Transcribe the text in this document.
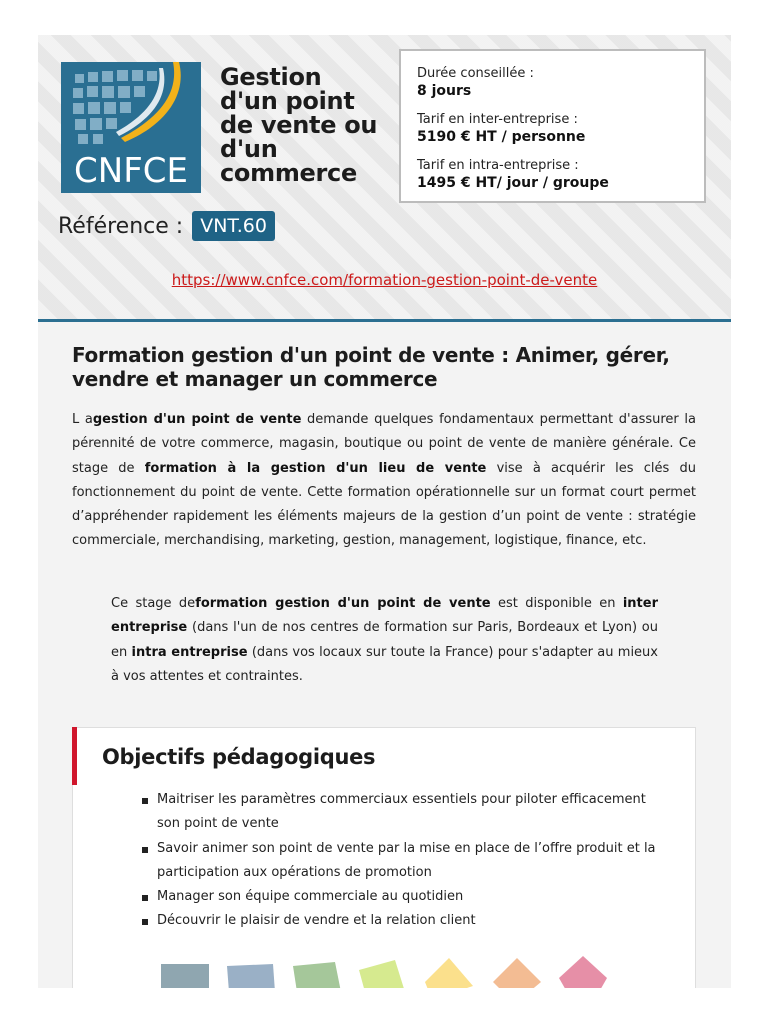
CNFCE
Gestion
d'un point
de vente ou
d'un
commerce
Durée conseillée :
8 jours
Tarif en inter-entreprise :
5190 € HT / personne
Tarif en intra-entreprise :
1495 € HT/ jour / groupe
Référence : VNT.60
https://www.cnfce.com/formation-gestion-point-de-vente
Formation gestion d'un point de vente : Animer, gérer, vendre et manager un commerce
L agestion d'un point de vente demande quelques fondamentaux permettant d'assurer la pérennité de votre commerce, magasin, boutique ou point de vente de manière générale. Ce stage de formation à la gestion d'un lieu de vente vise à acquérir les clés du fonctionnement du point de vente. Cette formation opérationnelle sur un format court permet d’appréhender rapidement les éléments majeurs de la gestion d’un point de vente : stratégie commerciale, merchandising, marketing, gestion, management, logistique, finance, etc.
Ce stage deformation gestion d'un point de vente est disponible en inter entreprise (dans l'un de nos centres de formation sur Paris, Bordeaux et Lyon) ou en intra entreprise (dans vos locaux sur toute la France) pour s'adapter au mieux à vos attentes et contraintes.
Objectifs pédagogiques
Maitriser les paramètres commerciaux essentiels pour piloter efficacement son point de vente
Savoir animer son point de vente par la mise en place de l’offre produit et la participation aux opérations de promotion
Manager son équipe commerciale au quotidien
Découvrir le plaisir de vendre et la relation client
